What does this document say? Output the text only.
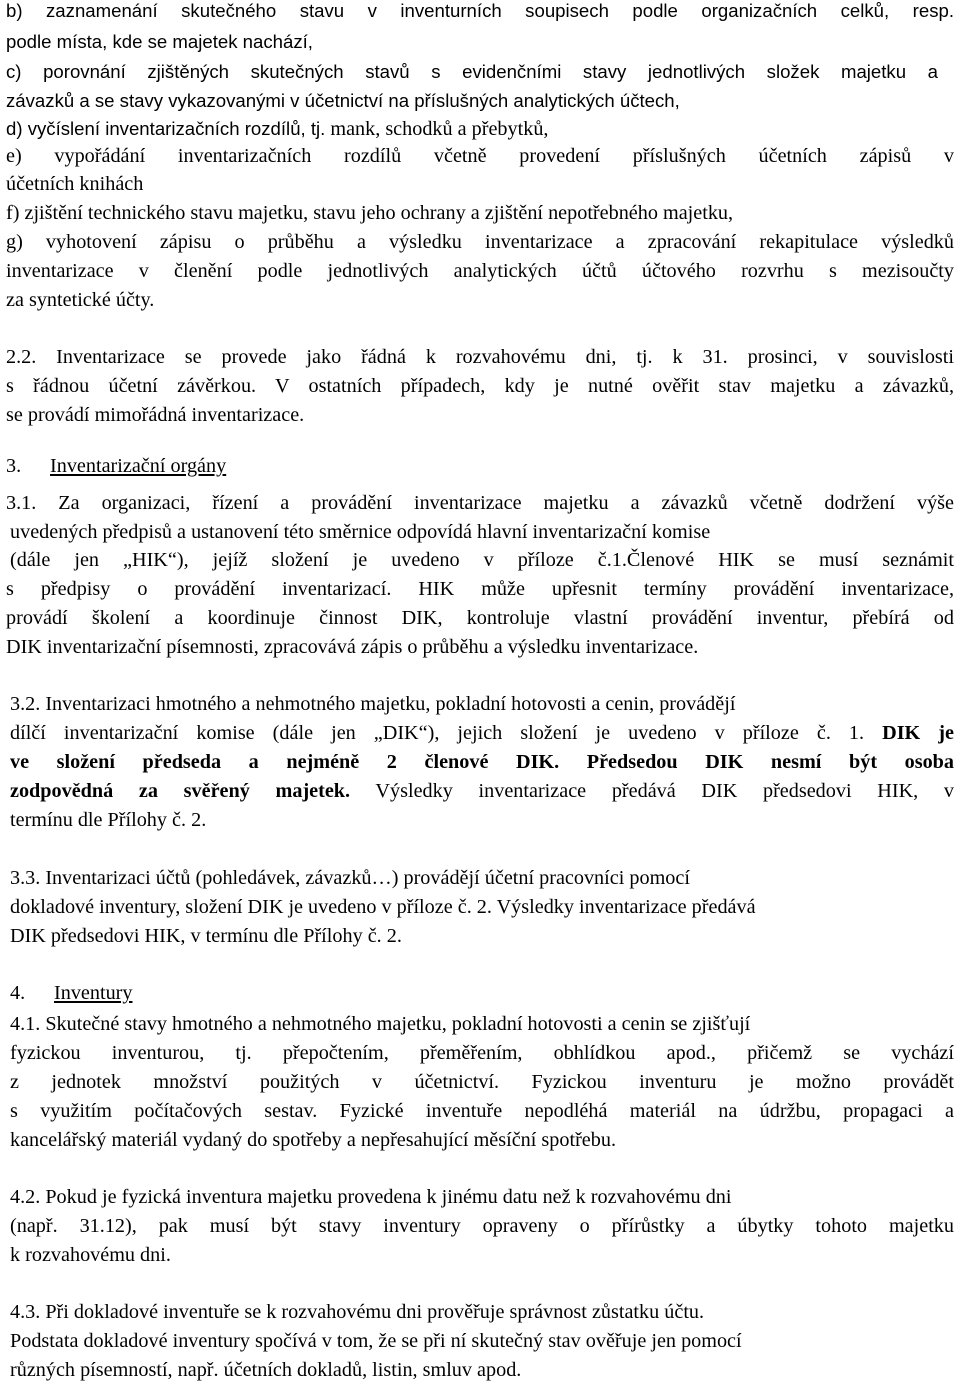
b) zaznamenání skutečného stavu v inventurních soupisech podle organizačních celků, resp.
podle místa, kde se majetek nachází,
c) porovnání zjištěných skutečných stavů s evidenčními stavy jednotlivých složek majetku a
závazků a se stavy vykazovanými v účetnictví na příslušných analytických účtech,
d) vyčíslení inventarizačních rozdílů, tj. mank, schodků a přebytků,
e) vypořádání inventarizačních rozdílů včetně provedení příslušných účetních zápisů v
účetních knihách
f) zjištění technického stavu majetku, stavu jeho ochrany a zjištění nepotřebného majetku,
g) vyhotovení zápisu o průběhu a výsledku inventarizace a zpracování rekapitulace výsledků
inventarizace v členění podle jednotlivých analytických účtů účtového rozvrhu s mezisoučty
za syntetické účty.
2.2. Inventarizace se provede jako řádná k rozvahovému dni, tj. k 31. prosinci, v souvislosti
s řádnou účetní závěrkou. V ostatních případech, kdy je nutné ověřit stav majetku a závazků,
se provádí mimořádná inventarizace.
3. Inventarizační orgány
3.1. Za organizaci, řízení a provádění inventarizace majetku a závazků včetně dodržení výše
uvedených předpisů a ustanovení této směrnice odpovídá hlavní inventarizační komise
(dále jen „HIK“), jejíž složení je uvedeno v příloze č.1.Členové HIK se musí seznámit
s předpisy o provádění inventarizací. HIK může upřesnit termíny provádění inventarizace,
provádí školení a koordinuje činnost DIK, kontroluje vlastní provádění inventur, přebírá od
DIK inventarizační písemnosti, zpracovává zápis o průběhu a výsledku inventarizace.
3.2. Inventarizaci hmotného a nehmotného majetku, pokladní hotovosti a cenin, provádějí
dílčí inventarizační komise (dále jen „DIK“), jejich složení je uvedeno v příloze č. 1. DIK je
ve složení předseda a nejméně 2 členové DIK. Předsedou DIK nesmí být osoba
zodpovědná za svěřený majetek. Výsledky inventarizace předává DIK předsedovi HIK, v
termínu dle Přílohy č. 2.
3.3. Inventarizaci účtů (pohledávek, závazků…) provádějí účetní pracovníci pomocí
dokladové inventury, složení DIK je uvedeno v příloze č. 2. Výsledky inventarizace předává
DIK předsedovi HIK, v termínu dle Přílohy č. 2.
4. Inventury
4.1. Skutečné stavy hmotného a nehmotného majetku, pokladní hotovosti a cenin se zjišťují
fyzickou inventurou, tj. přepočtením, přeměřením, obhlídkou apod., přičemž se vychází
z jednotek množství použitých v účetnictví. Fyzickou inventuru je možno provádět
s využitím počítačových sestav. Fyzické inventuře nepodléhá materiál na údržbu, propagaci a
kancelářský materiál vydaný do spotřeby a nepřesahující měsíční spotřebu.
4.2. Pokud je fyzická inventura majetku provedena k jinému datu než k rozvahovému dni
(např. 31.12), pak musí být stavy inventury opraveny o přírůstky a úbytky tohoto majetku
k rozvahovému dni.
4.3. Při dokladové inventuře se k rozvahovému dni prověřuje správnost zůstatku účtu.
Podstata dokladové inventury spočívá v tom, že se při ní skutečný stav ověřuje jen pomocí
různých písemností, např. účetních dokladů, listin, smluv apod.
